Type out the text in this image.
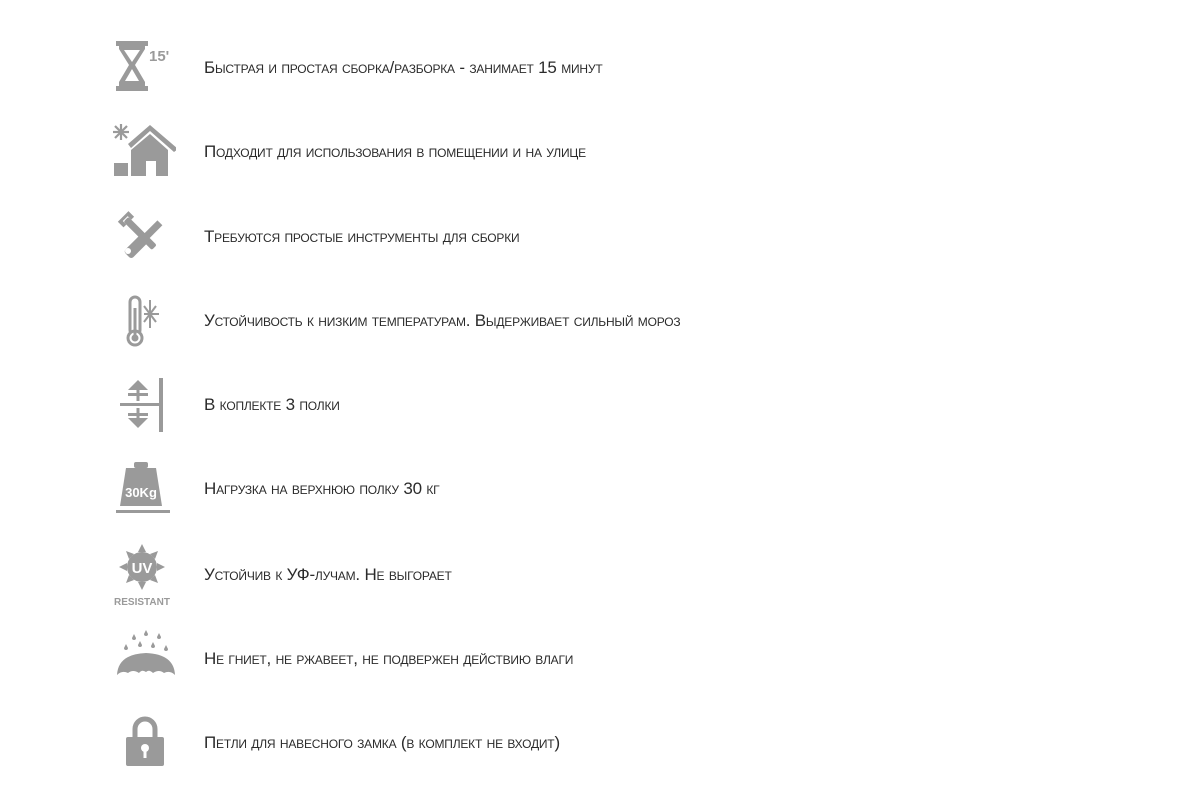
15'
Быстрая и простая сборка/разборка - занимает 15 минут
Подходит для использования в помещении и на улице
Требуются простые инструменты для сборки
Устойчивость к низким температурам. Выдерживает сильный мороз
В коплекте 3 полки
30Kg	Нагрузка на верхнюю полку 30 кг
UV
RESISTANT
Устойчив к УФ-лучам. Не выгорает
Не гниет, не ржавеет, не подвержен действию влаги
Петли для навесного замка (в комплект не входит)
